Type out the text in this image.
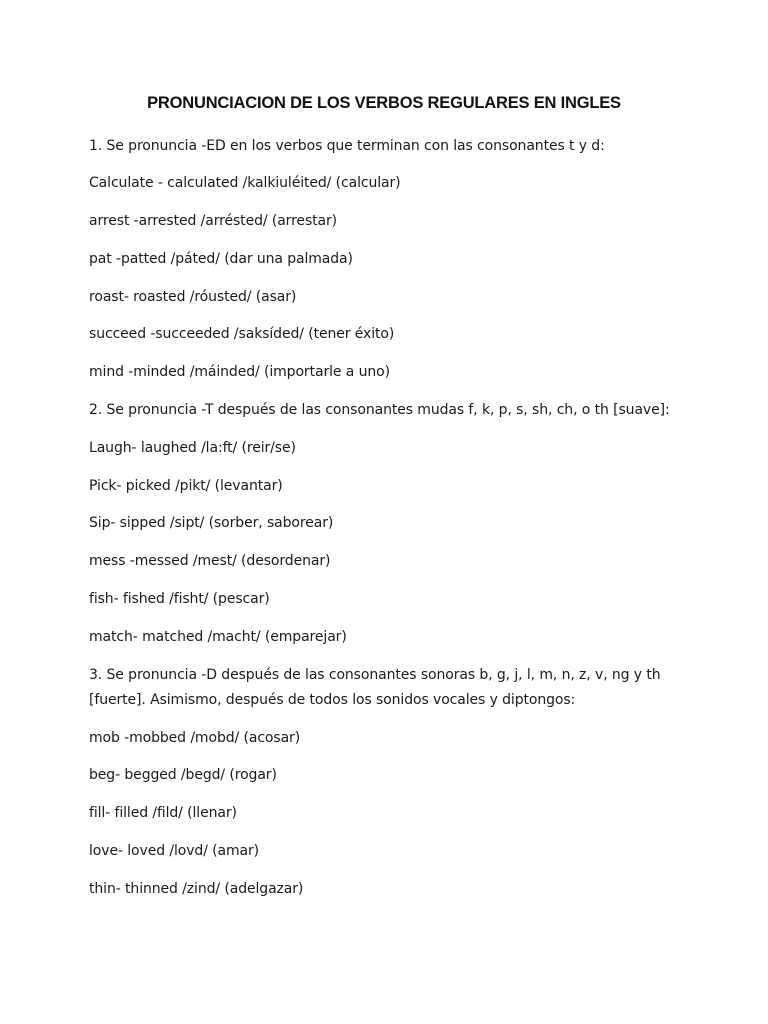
PRONUNCIACION DE LOS VERBOS REGULARES EN INGLES

1. Se pronuncia -ED en los verbos que terminan con las consonantes t y d:

Calculate - calculated /kalkiuléited/ (calcular)

arrest -arrested /arrésted/ (arrestar)

pat -patted /páted/ (dar una palmada)

roast- roasted /róusted/ (asar)

succeed -succeeded /saksíded/ (tener éxito)

mind -minded /máinded/ (importarle a uno)

2. Se pronuncia -T después de las consonantes mudas f, k, p, s, sh, ch, o th [suave]:

Laugh- laughed /la:ft/ (reir/se)

Pick- picked /pikt/ (levantar)

Sip- sipped /sipt/ (sorber, saborear)

mess -messed /mest/ (desordenar)

fish- fished /fisht/ (pescar)

match- matched /macht/ (emparejar)

3. Se pronuncia -D después de las consonantes sonoras b, g, j, l, m, n, z, v, ng y th

[fuerte]. Asimismo, después de todos los sonidos vocales y diptongos:

mob -mobbed /mobd/ (acosar)

beg- begged /begd/ (rogar)

fill- filled /fild/ (llenar)

love- loved /lovd/ (amar)

thin- thinned /zind/ (adelgazar)
